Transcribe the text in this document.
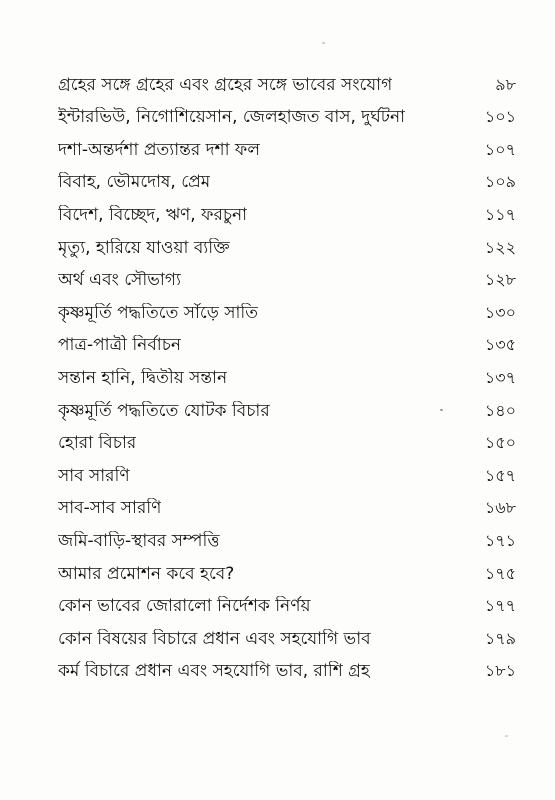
গ্রহের সঙ্গে গ্রহের এবং গ্রহের সঙ্গে ভাবের সংযোগ	৯৮
ইন্টারভিউ, নিগোশিয়েসান, জেলহাজত বাস, দুর্ঘটনা	১০১
দশা-অন্তর্দশা প্রত্যান্তর দশা ফল	১০৭
বিবাহ, ভৌমদোষ, প্রেম	১০৯
বিদেশ, বিচ্ছেদ, ঋণ, ফরচুনা	১১৭
মৃত্যু, হারিয়ে যাওয়া ব্যক্তি	১২২
অর্থ এবং সৌভাগ্য	১২৮
কৃষ্ণমূর্তি পদ্ধতিতে সাঁড়ে সাতি	১৩০
পাত্র-পাত্রী নির্বাচন	১৩৫
সন্তান হানি, দ্বিতীয় সন্তান	১৩৭
কৃষ্ণমূর্তি পদ্ধতিতে যোটক বিচার	১৪০
হোরা বিচার	১৫০
সাব সারণি	১৫৭
সাব-সাব সারণি	১৬৮
জমি-বাড়ি-স্থাবর সম্পত্তি	১৭১
আমার প্রমোশন কবে হবে?	১৭৫
কোন ভাবের জোরালো নির্দেশক নির্ণয়	১৭৭
কোন বিষয়ের বিচারে প্রধান এবং সহযোগি ভাব	১৭৯
কর্ম বিচারে প্রধান এবং সহযোগি ভাব, রাশি গ্রহ	১৮১
